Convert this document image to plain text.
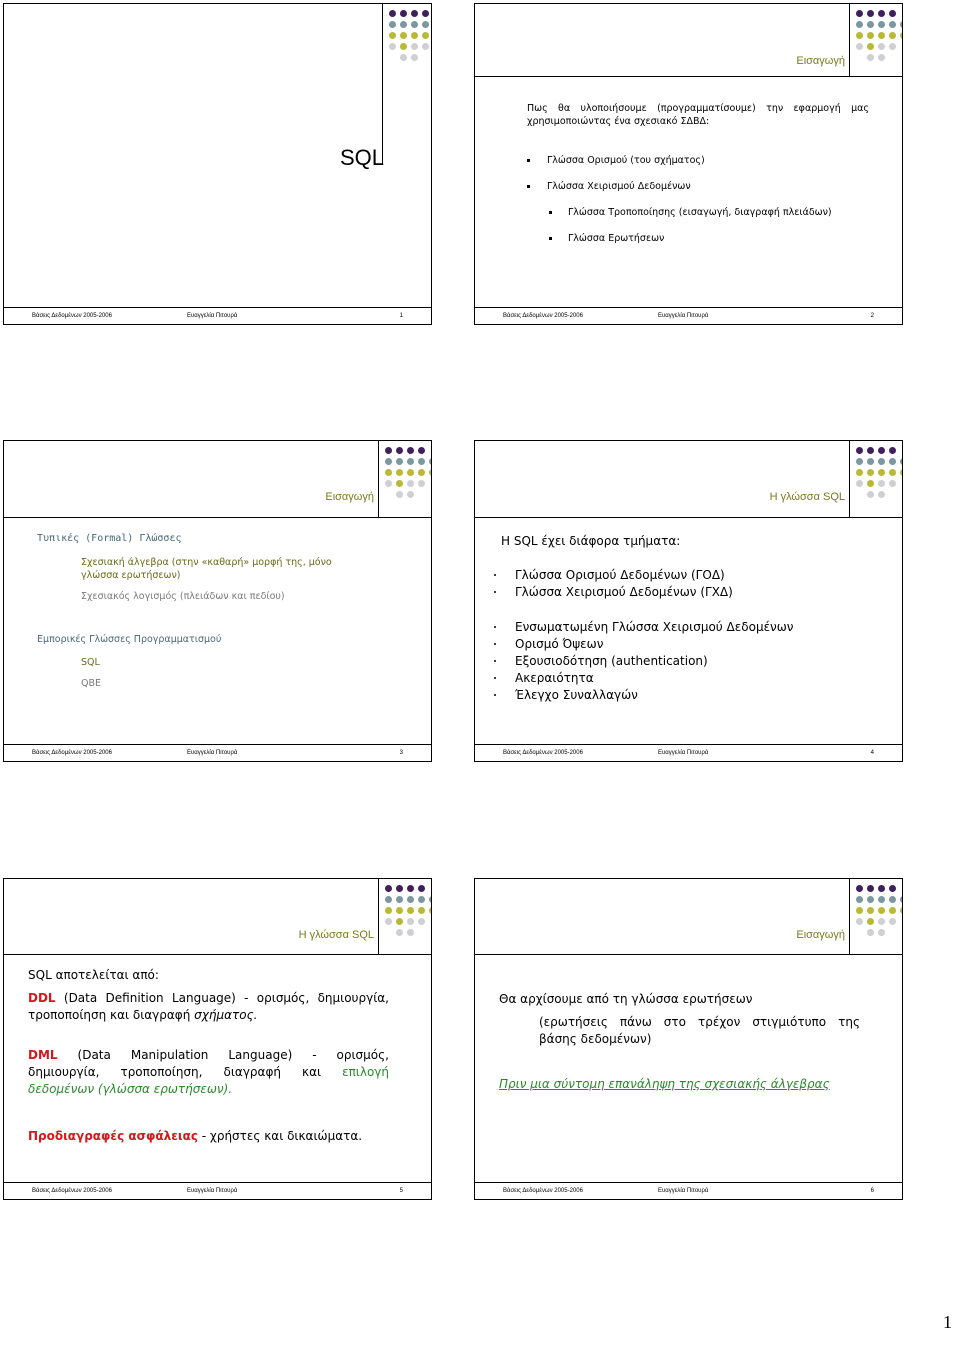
SQL
Βάσεις Δεδομένων 2005-2006	Ευαγγελία Πιτουρά	1
Εισαγωγή
Πως θα υλοποιήσουμε (προγραμματίσουμε) την εφαρμογή μας
χρησιμοποιώντας ένα σχεσιακό ΣΔΒΔ:
Γλώσσα Ορισμού (του σχήματος)
Γλώσσα Χειρισμού Δεδομένων
Γλώσσα Τροποποίησης (εισαγωγή, διαγραφή πλειάδων)
Γλώσσα Ερωτήσεων
Βάσεις Δεδομένων 2005-2006	Ευαγγελία Πιτουρά	2
Εισαγωγή
Τυπικές (Formal) Γλώσσες
Σχεσιακή άλγεβρα (στην «καθαρή» μορφή της, μόνο
γλώσσα ερωτήσεων)
Σχεσιακός λογισμός (πλειάδων και πεδίου)
Εμπορικές Γλώσσες Προγραμματισμού
SQL
QBE
Βάσεις Δεδομένων 2005-2006	Ευαγγελία Πιτουρά	3
Η γλώσσα SQL
Η SQL έχει διάφορα τμήματα:
Γλώσσα Ορισμού Δεδομένων (ΓΟΔ)
Γλώσσα Χειρισμού Δεδομένων (ΓΧΔ)
Ενσωματωμένη Γλώσσα Χειρισμού Δεδομένων
Ορισμό Όψεων
Εξουσιοδότηση (authentication)
Ακεραιότητα
Έλεγχο Συναλλαγών
Βάσεις Δεδομένων 2005-2006	Ευαγγελία Πιτουρά	4
Η γλώσσα SQL
SQL αποτελείται από:
DDL (Data Definition Language) - ορισμός, δημιουργία,
τροποποίηση και διαγραφή σχήματος.
DML (Data Manipulation Language) - ορισμός,
δημιουργία, τροποποίηση, διαγραφή και επιλογή
δεδομένων (γλώσσα ερωτήσεων).
Προδιαγραφές ασφάλειας - χρήστες και δικαιώματα.
Βάσεις Δεδομένων 2005-2006	Ευαγγελία Πιτουρά	5
Εισαγωγή
Θα αρχίσουμε από τη γλώσσα ερωτήσεων
(ερωτήσεις πάνω στο τρέχον στιγμιότυπο της
βάσης δεδομένων)
Πριν μια σύντομη επανάληψη της σχεσιακής άλγεβρας
Βάσεις Δεδομένων 2005-2006	Ευαγγελία Πιτουρά	6
1
